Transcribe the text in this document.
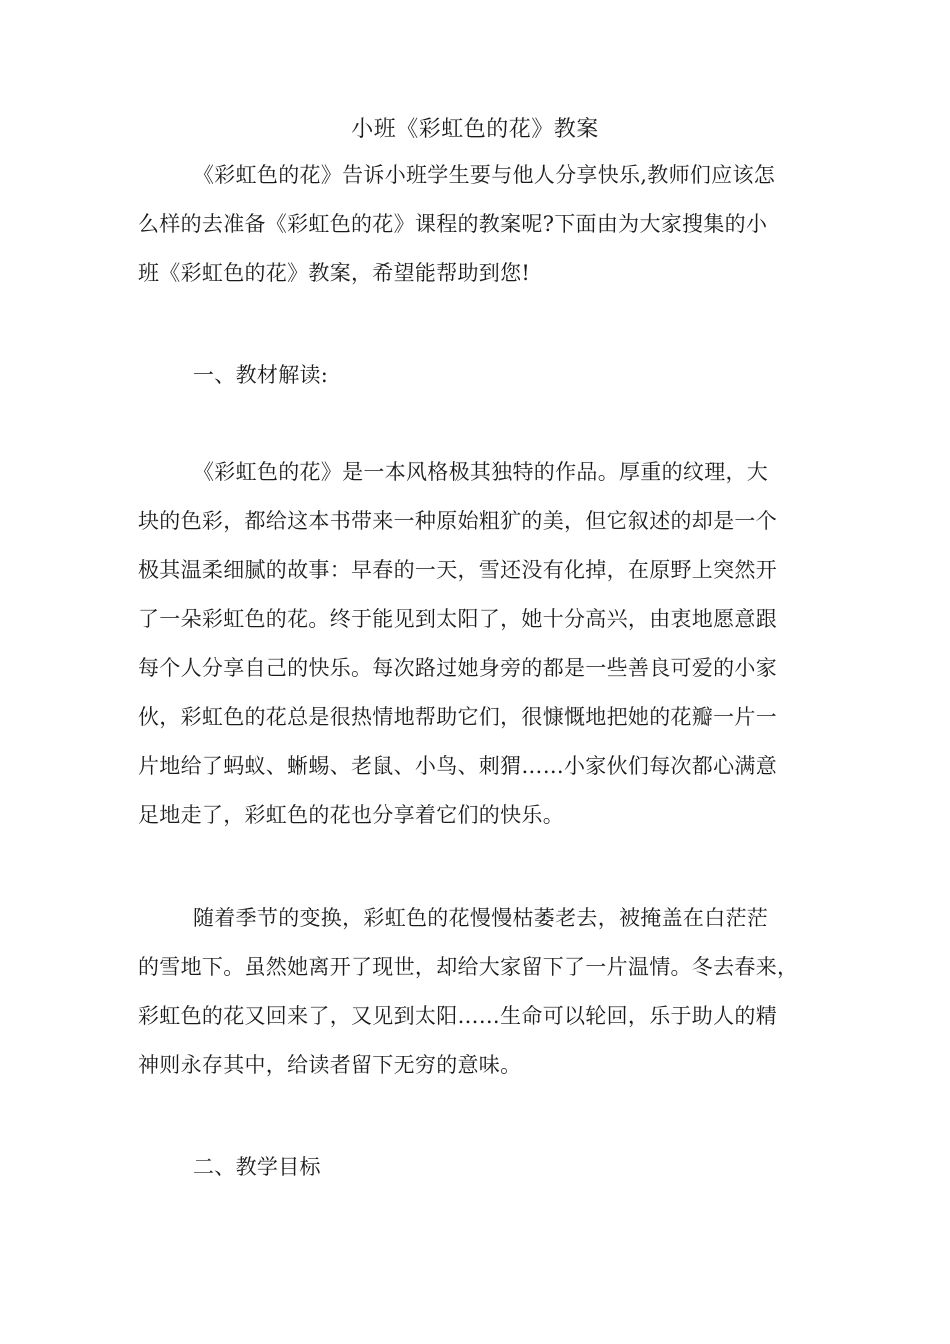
小班《彩虹色的花》教案
《彩虹色的花》告诉小班学生要与他人分享快乐,教师们应该怎
么样的去准备《彩虹色的花》课程的教案呢?下面由为大家搜集的小
班《彩虹色的花》教案，希望能帮助到您!
一、教材解读:
《彩虹色的花》是一本风格极其独特的作品。厚重的纹理，大
块的色彩，都给这本书带来一种原始粗犷的美，但它叙述的却是一个
极其温柔细腻的故事：早春的一天，雪还没有化掉，在原野上突然开
了一朵彩虹色的花。终于能见到太阳了，她十分高兴，由衷地愿意跟
每个人分享自己的快乐。每次路过她身旁的都是一些善良可爱的小家
伙，彩虹色的花总是很热情地帮助它们，很慷慨地把她的花瓣一片一
片地给了蚂蚁、蜥蜴、老鼠、小鸟、刺猬……小家伙们每次都心满意
足地走了，彩虹色的花也分享着它们的快乐。
随着季节的变换，彩虹色的花慢慢枯萎老去，被掩盖在白茫茫
的雪地下。虽然她离开了现世，却给大家留下了一片温情。冬去春来，
彩虹色的花又回来了，又见到太阳……生命可以轮回，乐于助人的精
神则永存其中，给读者留下无穷的意味。
二、教学目标
